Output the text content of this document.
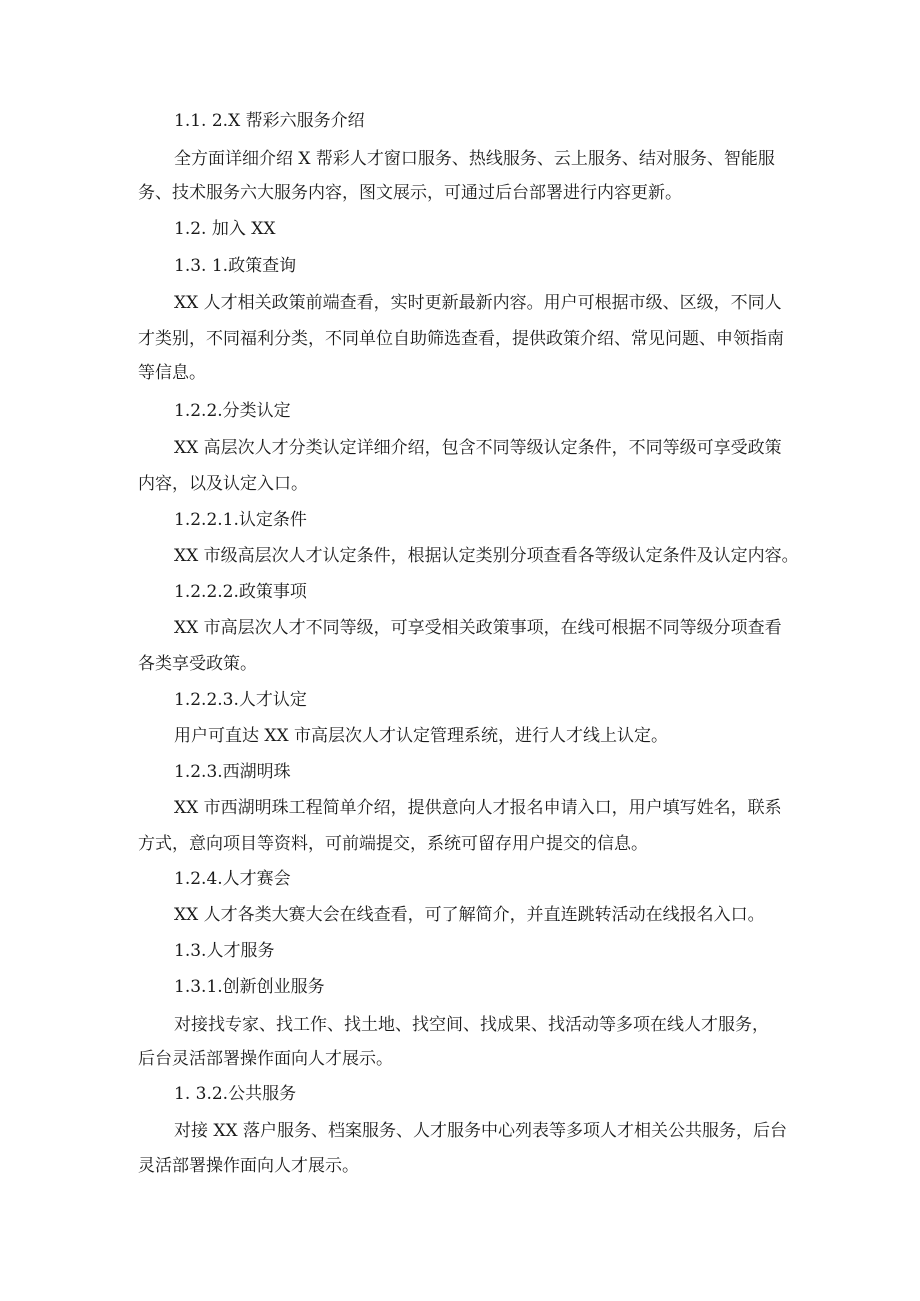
1.1. 2.X 帮彩六服务介绍
全方面详细介绍 X 帮彩人才窗口服务、热线服务、云上服务、结对服务、智能服
务、技术服务六大服务内容，图文展示，可通过后台部署进行内容更新。
1.2. 加入 XX
1.3. 1.政策查询
XX 人才相关政策前端查看，实时更新最新内容。用户可根据市级、区级，不同人
才类别，不同福利分类，不同单位自助筛选查看，提供政策介绍、常见问题、申领指南
等信息。
1.2.2.分类认定
XX 高层次人才分类认定详细介绍，包含不同等级认定条件，不同等级可享受政策
内容，以及认定入口。
1.2.2.1.认定条件
XX 市级高层次人才认定条件，根据认定类别分项查看各等级认定条件及认定内容。
1.2.2.2.政策事项
XX 市高层次人才不同等级，可享受相关政策事项，在线可根据不同等级分项查看
各类享受政策。
1.2.2.3.人才认定
用户可直达 XX 市高层次人才认定管理系统，进行人才线上认定。
1.2.3.西湖明珠
XX 市西湖明珠工程简单介绍，提供意向人才报名申请入口，用户填写姓名，联系
方式，意向项目等资料，可前端提交，系统可留存用户提交的信息。
1.2.4.人才赛会
XX 人才各类大赛大会在线查看，可了解简介，并直连跳转活动在线报名入口。
1.3.人才服务
1.3.1.创新创业服务
对接找专家、找工作、找土地、找空间、找成果、找活动等多项在线人才服务，
后台灵活部署操作面向人才展示。
1. 3.2.公共服务
对接 XX 落户服务、档案服务、人才服务中心列表等多项人才相关公共服务，后台
灵活部署操作面向人才展示。
